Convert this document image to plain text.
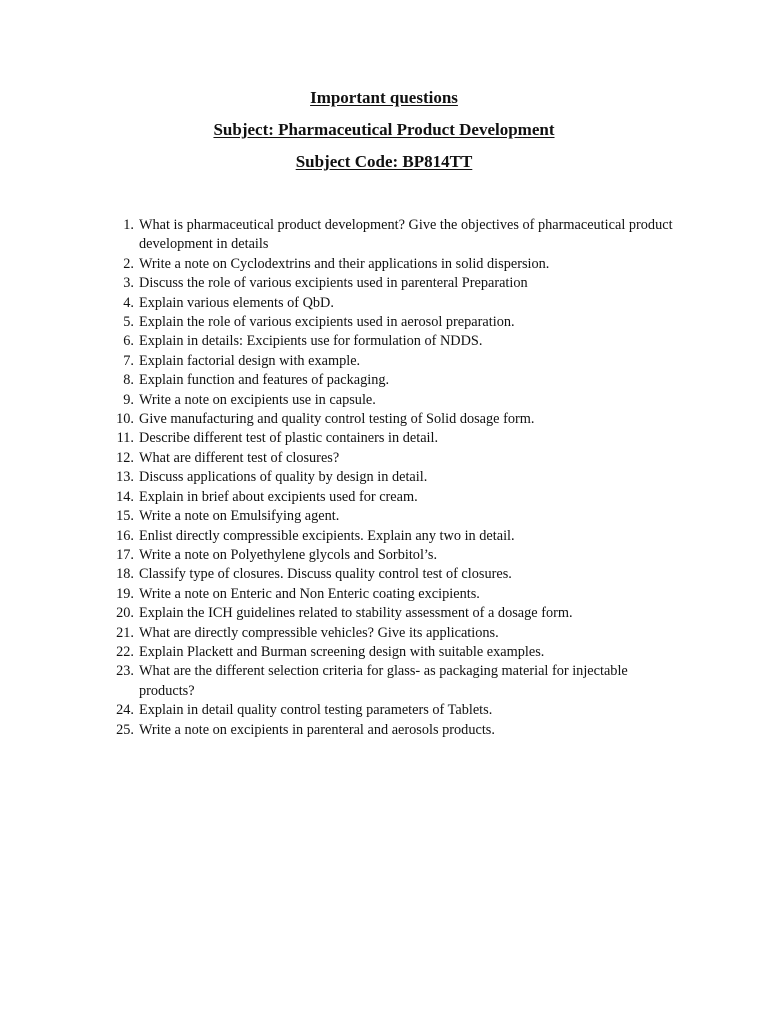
Important questions
Subject: Pharmaceutical Product Development
Subject Code: BP814TT
1. What is pharmaceutical product development? Give the objectives of pharmaceutical product development in details
2. Write a note on Cyclodextrins and their applications in solid dispersion.
3. Discuss the role of various excipients used in parenteral Preparation
4. Explain various elements of QbD.
5. Explain the role of various excipients used in aerosol preparation.
6. Explain in details: Excipients use for formulation of NDDS.
7. Explain factorial design with example.
8. Explain function and features of packaging.
9. Write a note on excipients use in capsule.
10. Give manufacturing and quality control testing of Solid dosage form.
11. Describe different test of plastic containers in detail.
12. What are different test of closures?
13. Discuss applications of quality by design in detail.
14. Explain in brief about excipients used for cream.
15. Write a note on Emulsifying agent.
16. Enlist directly compressible excipients. Explain any two in detail.
17. Write a note on Polyethylene glycols and Sorbitol’s.
18. Classify type of closures. Discuss quality control test of closures.
19. Write a note on Enteric and Non Enteric coating excipients.
20. Explain the ICH guidelines related to stability assessment of a dosage form.
21. What are directly compressible vehicles? Give its applications.
22. Explain Plackett and Burman screening design with suitable examples.
23. What are the different selection criteria for glass- as packaging material for injectable products?
24. Explain in detail quality control testing parameters of Tablets.
25. Write a note on excipients in parenteral and aerosols products.
